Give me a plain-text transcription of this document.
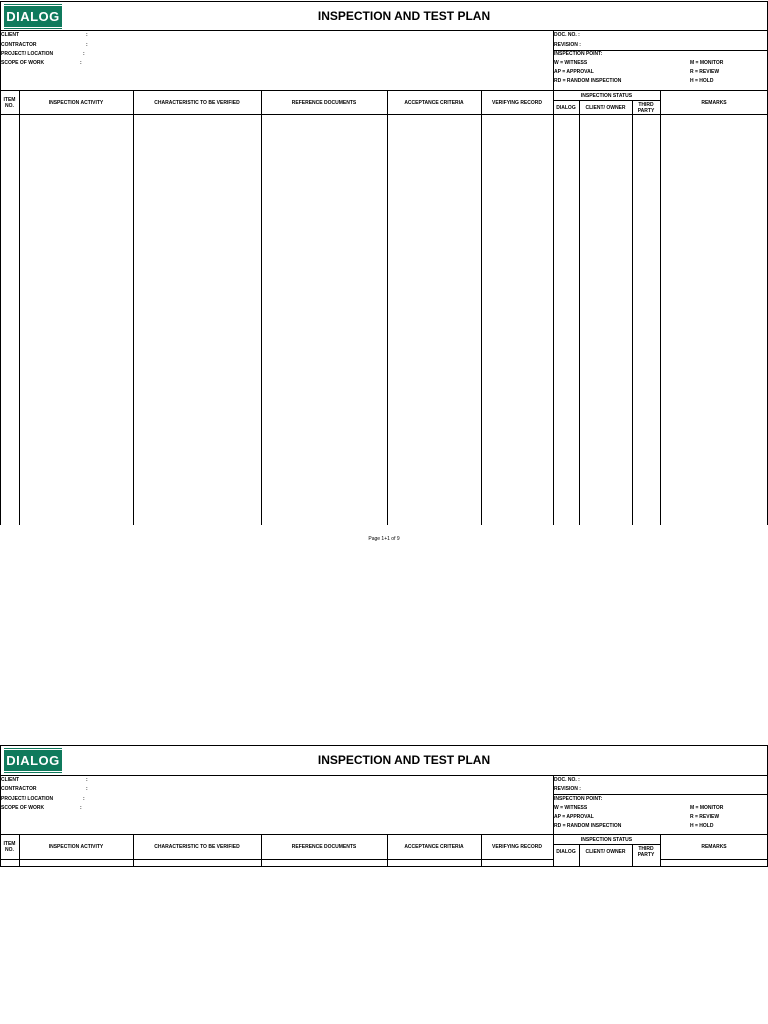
DIALOG	INSPECTION AND TEST PLAN
CLIENT	:
CONTRACTOR	:
PROJECT/ LOCATION	:
SCOPE OF WORK	:
DOC. NO. :
REVISION :
INSPECTION POINT:
W = WITNESS
AP = APPROVAL
RD = RANDOM INSPECTION
M = MONITOR
R = REVIEW
H = HOLD
ITEM NO.	INSPECTION ACTIVITY	CHARACTERISTIC TO BE VERIFIED	REFERENCE DOCUMENTS	ACCEPTANCE CRITERIA	VERIFYING RECORD
INSPECTION STATUS
DIALOG	CLIENT/ OWNER	THIRD PARTY
REMARKS
Page 1+1 of 9
DIALOG	INSPECTION AND TEST PLAN
CLIENT	:
CONTRACTOR	:
PROJECT/ LOCATION	:
SCOPE OF WORK	:
DOC. NO. :
REVISION :
INSPECTION POINT:
W = WITNESS
AP = APPROVAL
RD = RANDOM INSPECTION
M = MONITOR
R = REVIEW
H = HOLD
ITEM NO.	INSPECTION ACTIVITY	CHARACTERISTIC TO BE VERIFIED	REFERENCE DOCUMENTS	ACCEPTANCE CRITERIA	VERIFYING RECORD
INSPECTION STATUS
DIALOG	CLIENT/ OWNER	THIRD PARTY
REMARKS
